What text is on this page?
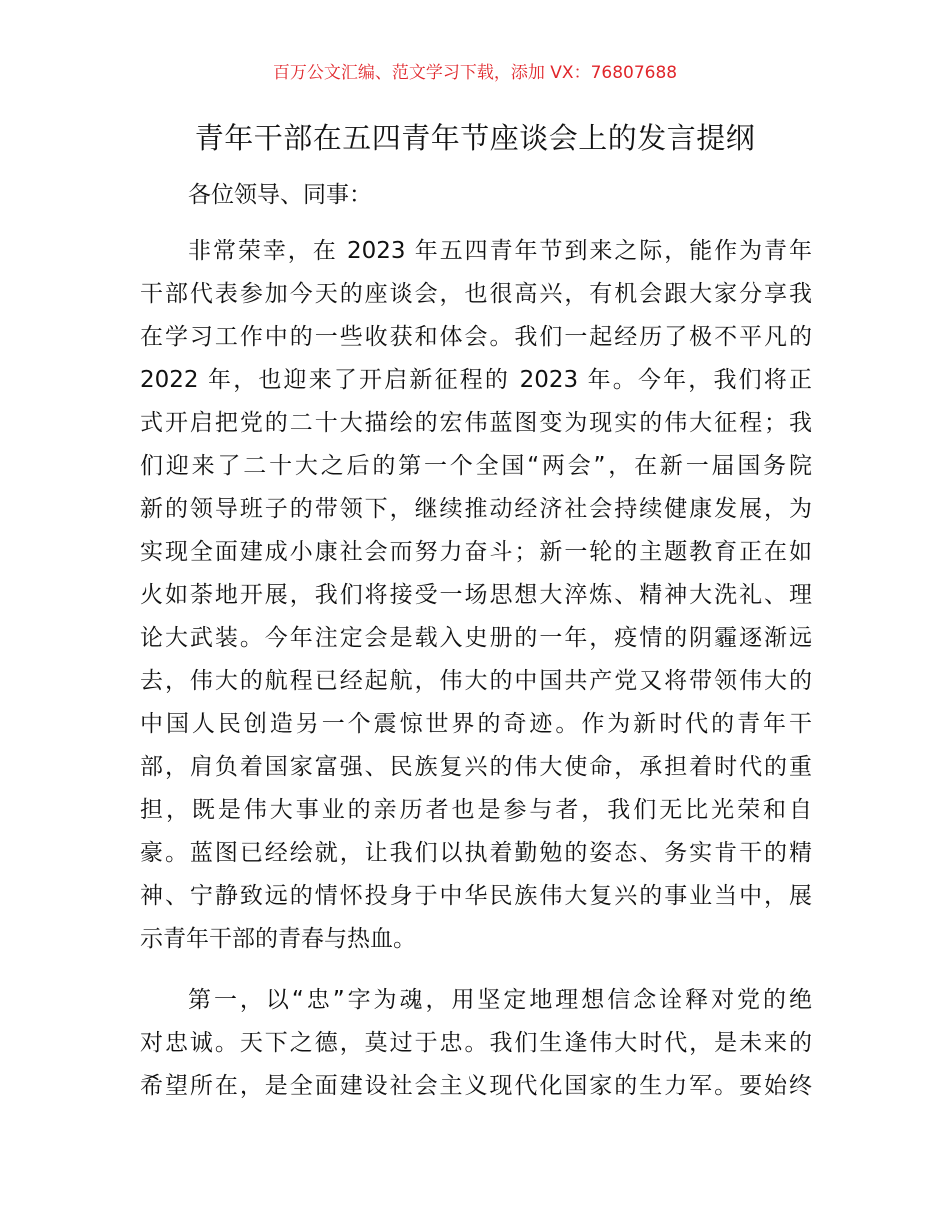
百万公文汇编、范文学习下载，添加 VX：76807688
青年干部在五四青年节座谈会上的发言提纲
各位领导、同事：
非常荣幸，在 2023 年五四青年节到来之际，能作为青年
干部代表参加今天的座谈会，也很高兴，有机会跟大家分享我
在学习工作中的一些收获和体会。我们一起经历了极不平凡的
2022 年，也迎来了开启新征程的 2023 年。今年，我们将正
式开启把党的二十大描绘的宏伟蓝图变为现实的伟大征程；我
们迎来了二十大之后的第一个全国“两会”，在新一届国务院
新的领导班子的带领下，继续推动经济社会持续健康发展，为
实现全面建成小康社会而努力奋斗；新一轮的主题教育正在如
火如荼地开展，我们将接受一场思想大淬炼、精神大洗礼、理
论大武装。今年注定会是载入史册的一年，疫情的阴霾逐渐远
去，伟大的航程已经起航，伟大的中国共产党又将带领伟大的
中国人民创造另一个震惊世界的奇迹。作为新时代的青年干
部，肩负着国家富强、民族复兴的伟大使命，承担着时代的重
担，既是伟大事业的亲历者也是参与者，我们无比光荣和自
豪。蓝图已经绘就，让我们以执着勤勉的姿态、务实肯干的精
神、宁静致远的情怀投身于中华民族伟大复兴的事业当中，展
示青年干部的青春与热血。
第一，以“忠”字为魂，用坚定地理想信念诠释对党的绝
对忠诚。天下之德，莫过于忠。我们生逢伟大时代，是未来的
希望所在，是全面建设社会主义现代化国家的生力军。要始终
